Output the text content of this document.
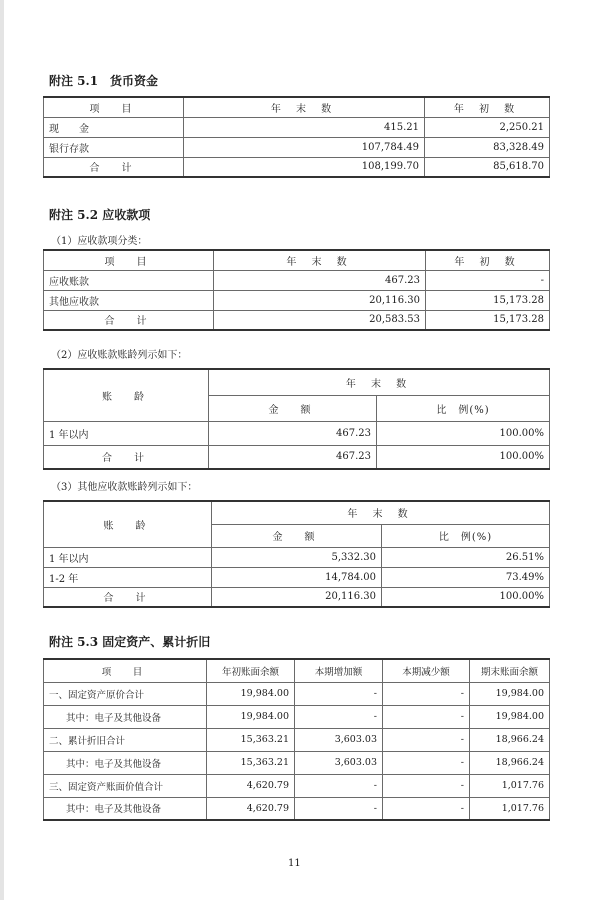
附注 5.1　货币资金
项　目	年 末 数	年 初 数
现　　金	415.21	2,250.21
银行存款	107,784.49	83,328.49
合　计	108,199.70	85,618.70
附注 5.2 应收款项
（1）应收款项分类：
项　目	年 末 数	年 初 数
应收账款	467.23	-
其他应收款	20,116.30	15,173.28
合　计	20,583.53	15,173.28
（2）应收账款账龄列示如下：
账　龄	年 末 数	
	金　额	比　例(%)
1 年以内	467.23	100.00%
合　计	467.23	100.00%
（3）其他应收款账龄列示如下：
账　龄	年 末 数	
	金　额	比　例(%)
1 年以内	5,332.30	26.51%
1-2 年	14,784.00	73.49%
合　计	20,116.30	100.00%
附注 5.3 固定资产、累计折旧
项　目	年初账面余额	本期增加额	本期减少额	期末账面余额
一、固定资产原价合计	19,984.00	-	-	19,984.00
其中：电子及其他设备	19,984.00	-	-	19,984.00
二、累计折旧合计	15,363.21	3,603.03	-	18,966.24
其中：电子及其他设备	15,363.21	3,603.03	-	18,966.24
三、固定资产账面价值合计	4,620.79	-	-	1,017.76
其中：电子及其他设备	4,620.79	-	-	1,017.76
11
